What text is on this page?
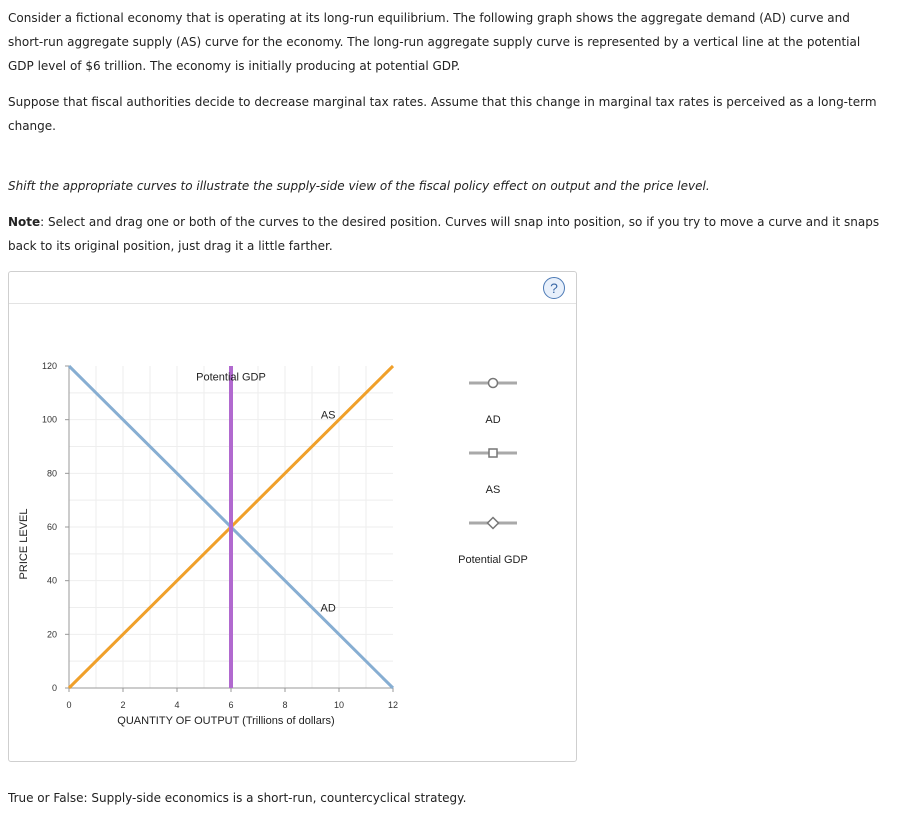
Consider a fictional economy that is operating at its long-run equilibrium. The following graph shows the aggregate demand (AD) curve and
short-run aggregate supply (AS) curve for the economy. The long-run aggregate supply curve is represented by a vertical line at the potential
GDP level of $6 trillion. The economy is initially producing at potential GDP.
Suppose that fiscal authorities decide to decrease marginal tax rates. Assume that this change in marginal tax rates is perceived as a long-term
change.
Shift the appropriate curves to illustrate the supply-side view of the fiscal policy effect on output and the price level.
Note: Select and drag one or both of the curves to the desired position. Curves will snap into position, so if you try to move a curve and it snaps
back to its original position, just drag it a little farther.
?
0	2	4	6	8	10	12
0
20
40
60
80
100
120
QUANTITY OF OUTPUT (Trillions of dollars)
PRICE LEVEL
AD
AS
Potential GDP
AD
AS
Potential GDP
True or False: Supply-side economics is a short-run, countercyclical strategy.
